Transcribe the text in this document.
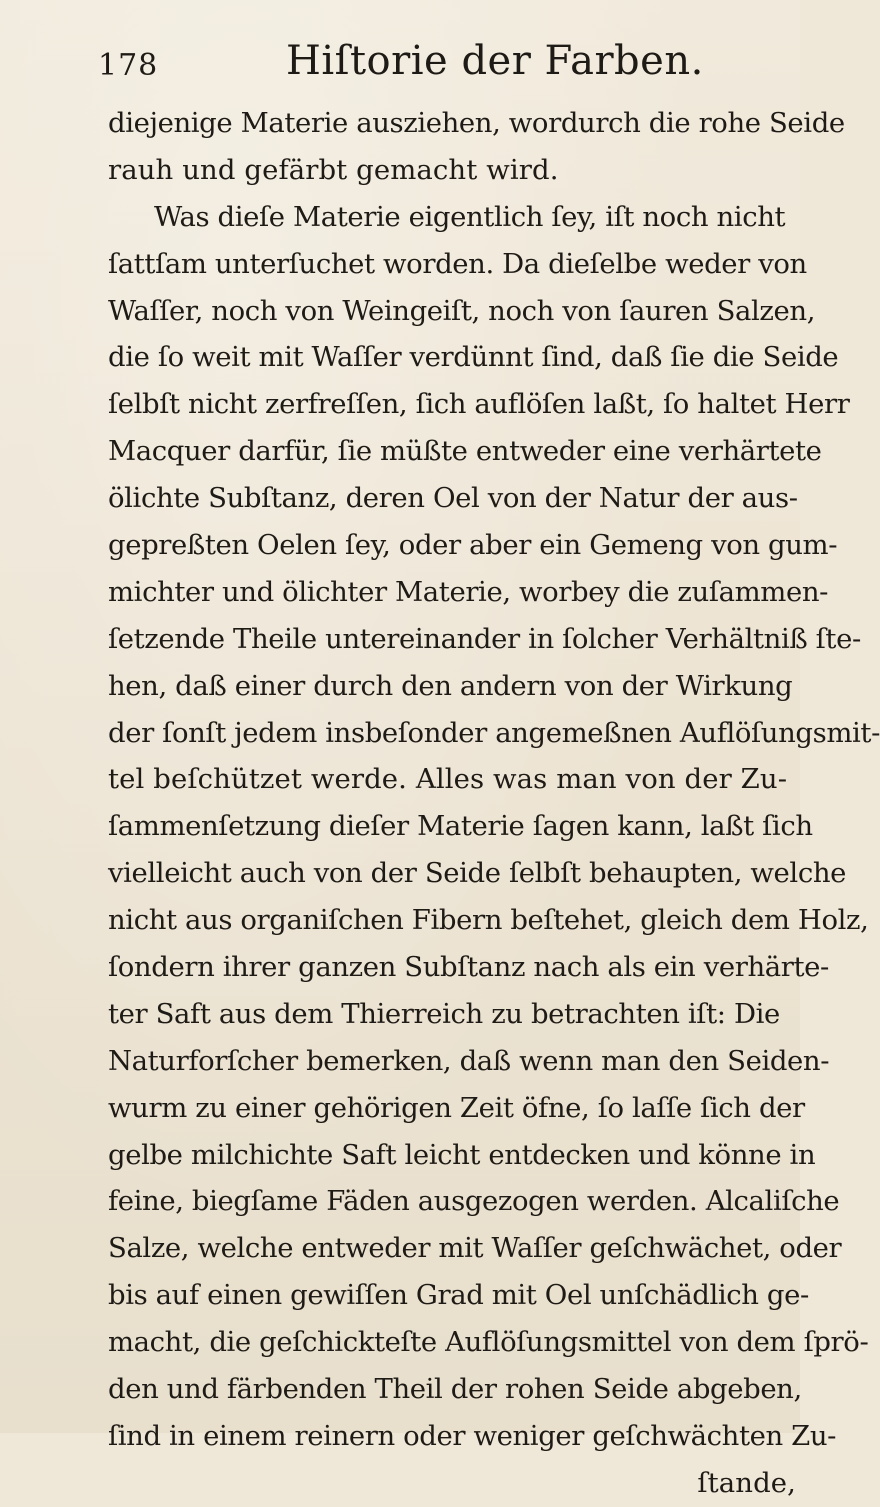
178	Hiſtorie der Farben.
diejenige Materie ausziehen, wordurch die rohe Seide
rauh und gefärbt gemacht wird.
Was dieſe Materie eigentlich ſey, iſt noch nicht
ſattſam unterſuchet worden. Da dieſelbe weder von
Waſſer, noch von Weingeiſt, noch von ſauren Salzen,
die ſo weit mit Waſſer verdünnt ſind, daß ſie die Seide
ſelbſt nicht zerfreſſen, ſich auflöſen laßt, ſo haltet Herr
Macquer darfür, ſie müßte entweder eine verhärtete
ölichte Subſtanz, deren Oel von der Natur der aus-
gepreßten Oelen ſey, oder aber ein Gemeng von gum-
michter und ölichter Materie, worbey die zuſammen-
ſetzende Theile untereinander in ſolcher Verhältniß ſte-
hen, daß einer durch den andern von der Wirkung
der ſonſt jedem insbeſonder angemeßnen Auflöſungsmit-
tel beſchützet werde. Alles was man von der Zu-
ſammenſetzung dieſer Materie ſagen kann, laßt ſich
vielleicht auch von der Seide ſelbſt behaupten, welche
nicht aus organiſchen Fibern beſtehet, gleich dem Holz,
ſondern ihrer ganzen Subſtanz nach als ein verhärte-
ter Saft aus dem Thierreich zu betrachten iſt: Die
Naturforſcher bemerken, daß wenn man den Seiden-
wurm zu einer gehörigen Zeit öfne, ſo laſſe ſich der
gelbe milchichte Saft leicht entdecken und könne in
feine, biegſame Fäden ausgezogen werden. Alcaliſche
Salze, welche entweder mit Waſſer geſchwächet, oder
bis auf einen gewiſſen Grad mit Oel unſchädlich ge-
macht, die geſchickteſte Auflöſungsmittel von dem ſprö-
den und färbenden Theil der rohen Seide abgeben,
ſind in einem reinern oder weniger geſchwächten Zu-
ſtande,
